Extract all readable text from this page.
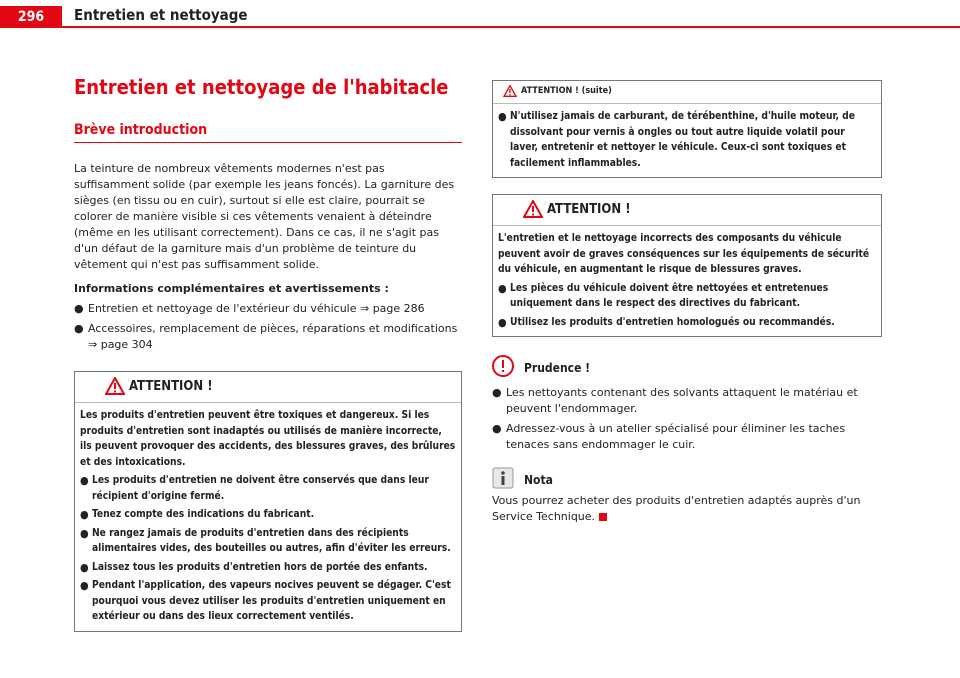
296	Entretien et nettoyage
Entretien et nettoyage de l'habitacle
Brève introduction

La teinture de nombreux vêtements modernes n'est pas suffisamment solide (par exemple les jeans foncés). La garniture des sièges (en tissu ou en cuir), surtout si elle est claire, pourrait se colorer de manière visible si ces vêtements venaient à déteindre (même en les utilisant correctement). Dans ce cas, il ne s'agit pas d'un défaut de la garniture mais d'un problème de teinture du vêtement qui n'est pas suffisamment solide.

Informations complémentaires et avertissements :

● Entretien et nettoyage de l'extérieur du véhicule ⇒ page 286
● Accessoires, remplacement de pièces, réparations et modifications ⇒ page 304
ATTENTION !

Les produits d'entretien peuvent être toxiques et dangereux. Si les produits d'entretien sont inadaptés ou utilisés de manière incorrecte, ils peuvent provoquer des accidents, des blessures graves, des brûlures et des intoxications.

● Les produits d'entretien ne doivent être conservés que dans leur récipient d'origine fermé.
● Tenez compte des indications du fabricant.
● Ne rangez jamais de produits d'entretien dans des récipients alimentaires vides, des bouteilles ou autres, afin d'éviter les erreurs.
● Laissez tous les produits d'entretien hors de portée des enfants.
● Pendant l'application, des vapeurs nocives peuvent se dégager. C'est pourquoi vous devez utiliser les produits d'entretien uniquement en extérieur ou dans des lieux correctement ventilés.
ATTENTION ! (suite)
● N'utilisez jamais de carburant, de térébenthine, d'huile moteur, de dissolvant pour vernis à ongles ou tout autre liquide volatil pour laver, entretenir et nettoyer le véhicule. Ceux-ci sont toxiques et facilement inflammables.
ATTENTION !

L'entretien et le nettoyage incorrects des composants du véhicule peuvent avoir de graves conséquences sur les équipements de sécurité du véhicule, en augmentant le risque de blessures graves.

● Les pièces du véhicule doivent être nettoyées et entretenues uniquement dans le respect des directives du fabricant.
● Utilisez les produits d'entretien homologués ou recommandés.
Prudence !
● Les nettoyants contenant des solvants attaquent le matériau et peuvent l'endommager.
● Adressez-vous à un atelier spécialisé pour éliminer les taches tenaces sans endommager le cuir.
Nota

Vous pourrez acheter des produits d'entretien adaptés auprès d'un Service Technique.
